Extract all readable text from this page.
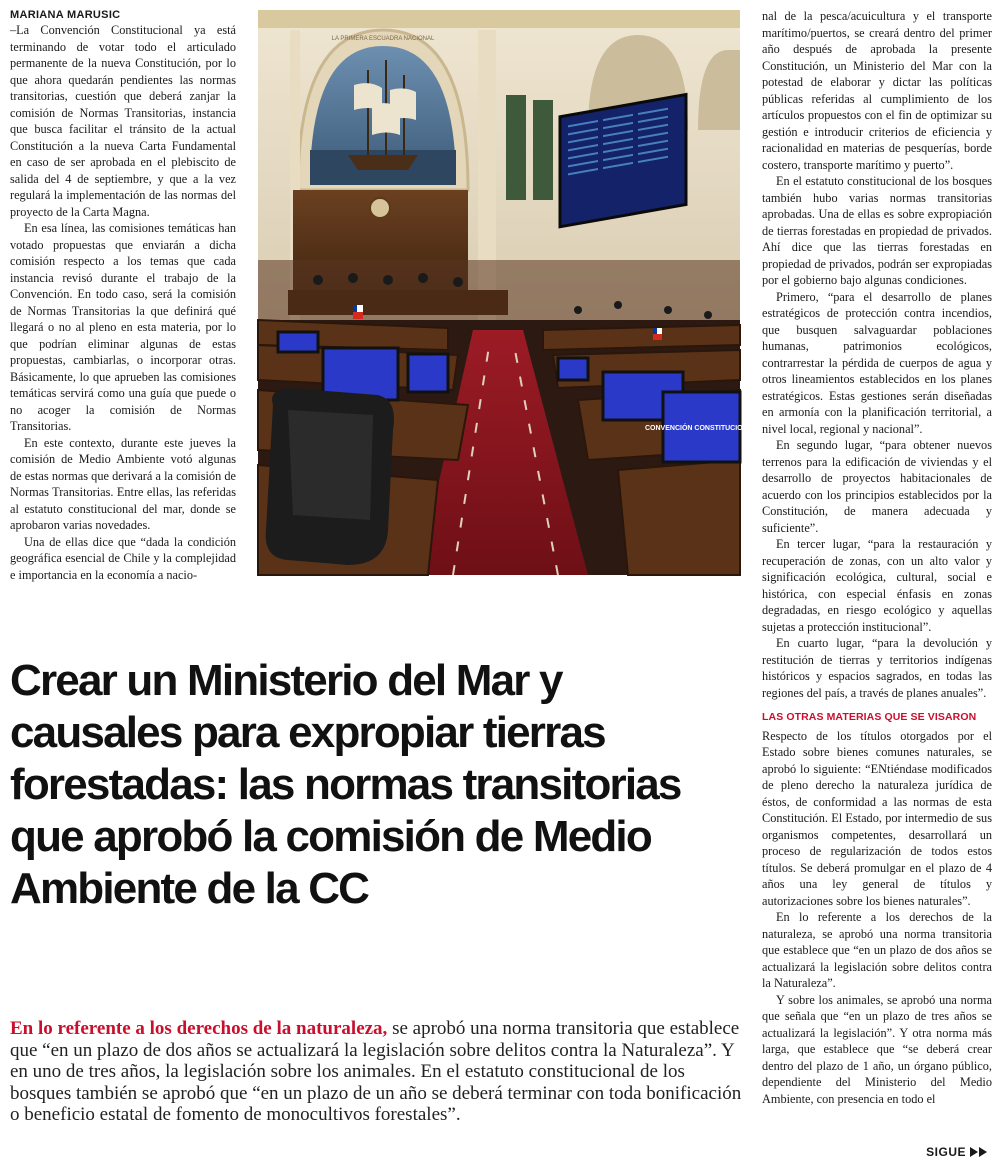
MARIANA MARUSIC

–La Convención Constitucional ya está terminando de votar todo el articulado permanente de la nueva Constitución, por lo que ahora quedarán pendientes las normas transitorias, cuestión que deberá zanjar la comisión de Normas Transitorias, instancia que busca facilitar el tránsito de la actual Constitución a la nueva Carta Fundamental en caso de ser aprobada en el plebiscito de salida del 4 de septiembre, y que a la vez regulará la implementación de las normas del proyecto de la Carta Magna.

En esa línea, las comisiones temáticas han votado propuestas que enviarán a dicha comisión respecto a los temas que cada instancia revisó durante el trabajo de la Convención. En todo caso, será la comisión de Normas Transitorias la que definirá qué llegará o no al pleno en esta materia, por lo que podrían eliminar algunas de estas propuestas, cambiarlas, o incorporar otras. Básicamente, lo que aprueben las comisiones temáticas servirá como una guía que puede o no acoger la comisión de Normas Transitorias.

En este contexto, durante este jueves la comisión de Medio Ambiente votó algunas de estas normas que derivará a la comisión de Normas Transitorias. Entre ellas, las referidas al estatuto constitucional del mar, donde se aprobaron varias novedades.

Una de ellas dice que “dada la condición geográfica esencial de Chile y la complejidad e importancia en la economía a nacio-

LA PRIMERA ESCUADRA NACIONAL
CONVENCIÓN CONSTITUCIONAL

nal de la pesca/acuicultura y el transporte marítimo/puertos, se creará dentro del primer año después de aprobada la presente Constitución, un Ministerio del Mar con la potestad de elaborar y dictar las políticas públicas referidas al cumplimiento de los artículos propuestos con el fin de optimizar su gestión e introducir criterios de eficiencia y racionalidad en materias de pesquerías, borde costero, transporte marítimo y puerto”.

En el estatuto constitucional de los bosques también hubo varias normas transitorias aprobadas. Una de ellas es sobre expropiación de tierras forestadas en propiedad de privados. Ahí dice que las tierras forestadas en propiedad de privados, podrán ser expropiadas por el gobierno bajo algunas condiciones.

Primero, “para el desarrollo de planes estratégicos de protección contra incendios, que busquen salvaguardar poblaciones humanas, patrimonios ecológicos, contrarrestar la pérdida de cuerpos de agua y otros lineamientos establecidos en los planes estratégicos. Estas gestiones serán diseñadas en armonía con la planificación territorial, a nivel local, regional y nacional”.

En segundo lugar, “para obtener nuevos terrenos para la edificación de viviendas y el desarrollo de proyectos habitacionales de acuerdo con los principios establecidos por la Constitución, de manera adecuada y suficiente”.

En tercer lugar, “para la restauración y recuperación de zonas, con un alto valor y significación ecológica, cultural, social e histórica, con especial énfasis en zonas degradadas, en riesgo ecológico y aquellas sujetas a protección institucional”.

En cuarto lugar, “para la devolución y restitución de tierras y territorios indígenas históricos y espacios sagrados, en todas las regiones del país, a través de planes anuales”.

LAS OTRAS MATERIAS QUE SE VISARON

Respecto de los títulos otorgados por el Estado sobre bienes comunes naturales, se aprobó lo siguiente: “ENtiéndase modificados de pleno derecho la naturaleza jurídica de éstos, de conformidad a las normas de esta Constitución. El Estado, por intermedio de sus organismos competentes, desarrollará un proceso de regularización de todos estos títulos. Se deberá promulgar en el plazo de 4 años una ley general de títulos y autorizaciones sobre los bienes naturales”.

En lo referente a los derechos de la naturaleza, se aprobó una norma transitoria que establece que “en un plazo de dos años se actualizará la legislación sobre delitos contra la Naturaleza”.

Y sobre los animales, se aprobó una norma que señala que “en un plazo de tres años se actualizará la legislación”. Y otra norma más larga, que establece que “se deberá crear dentro del plazo de 1 año, un órgano público, dependiente del Ministerio del Medio Ambiente, con presencia en todo el

Crear un Ministerio del Mar y causales para expropiar tierras forestadas: las normas transitorias que aprobó la comisión de Medio Ambiente de la CC

En lo referente a los derechos de la naturaleza, se aprobó una norma transitoria que establece que “en un plazo de dos años se actualizará la legislación sobre delitos contra la Naturaleza”. Y en uno de tres años, la legislación sobre los animales. En el estatuto constitucional de los bosques también se aprobó que “en un plazo de un año se deberá terminar con toda bonificación o beneficio estatal de fomento de monocultivos forestales”.

SIGUE
